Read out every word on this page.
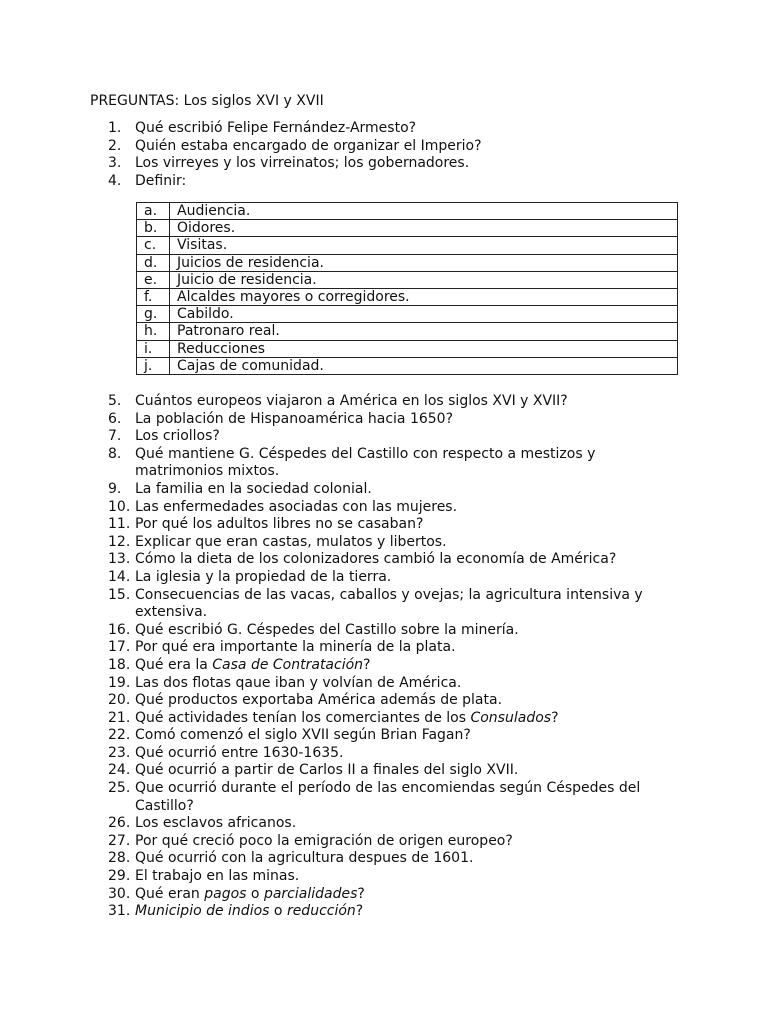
PREGUNTAS: Los siglos XVI y XVII
1. Qué escribió Felipe Fernández-Armesto?
2. Quién estaba encargado de organizar el Imperio?
3. Los virreyes y los virreinatos; los gobernadores.
4. Definir:
a.	Audiencia.
b.	Oidores.
c.	Visitas.
d.	Juicios de residencia.
e.	Juicio de residencia.
f.	Alcaldes mayores o corregidores.
g.	Cabildo.
h.	Patronaro real.
i.	Reducciones
j.	Cajas de comunidad.
5. Cuántos europeos viajaron a América en los siglos XVI y XVII?
6. La población de Hispanoamérica hacia 1650?
7. Los criollos?
8. Qué mantiene G. Céspedes del Castillo con respecto a mestizos y matrimonios mixtos.
9. La familia en la sociedad colonial.
10. Las enfermedades asociadas con las mujeres.
11. Por qué los adultos libres no se casaban?
12. Explicar que eran castas, mulatos y libertos.
13. Cómo la dieta de los colonizadores cambió la economía de América?
14. La iglesia y la propiedad de la tierra.
15. Consecuencias de las vacas, caballos y ovejas; la agricultura intensiva y extensiva.
16. Qué escribió G. Céspedes del Castillo sobre la minería.
17. Por qué era importante la minería de la plata.
18. Qué era la Casa de Contratación?
19. Las dos flotas qaue iban y volvían de América.
20. Qué productos exportaba América además de plata.
21. Qué actividades tenían los comerciantes de los Consulados?
22. Comó comenzó el siglo XVII según Brian Fagan?
23. Qué ocurrió entre 1630-1635.
24. Qué ocurrió a partir de Carlos II a finales del siglo XVII.
25. Que ocurrió durante el período de las encomiendas según Céspedes del Castillo?
26. Los esclavos africanos.
27. Por qué creció poco la emigración de origen europeo?
28. Qué ocurrió con la agricultura despues de 1601.
29. El trabajo en las minas.
30. Qué eran pagos o parcialidades?
31. Municipio de indios o reducción?
